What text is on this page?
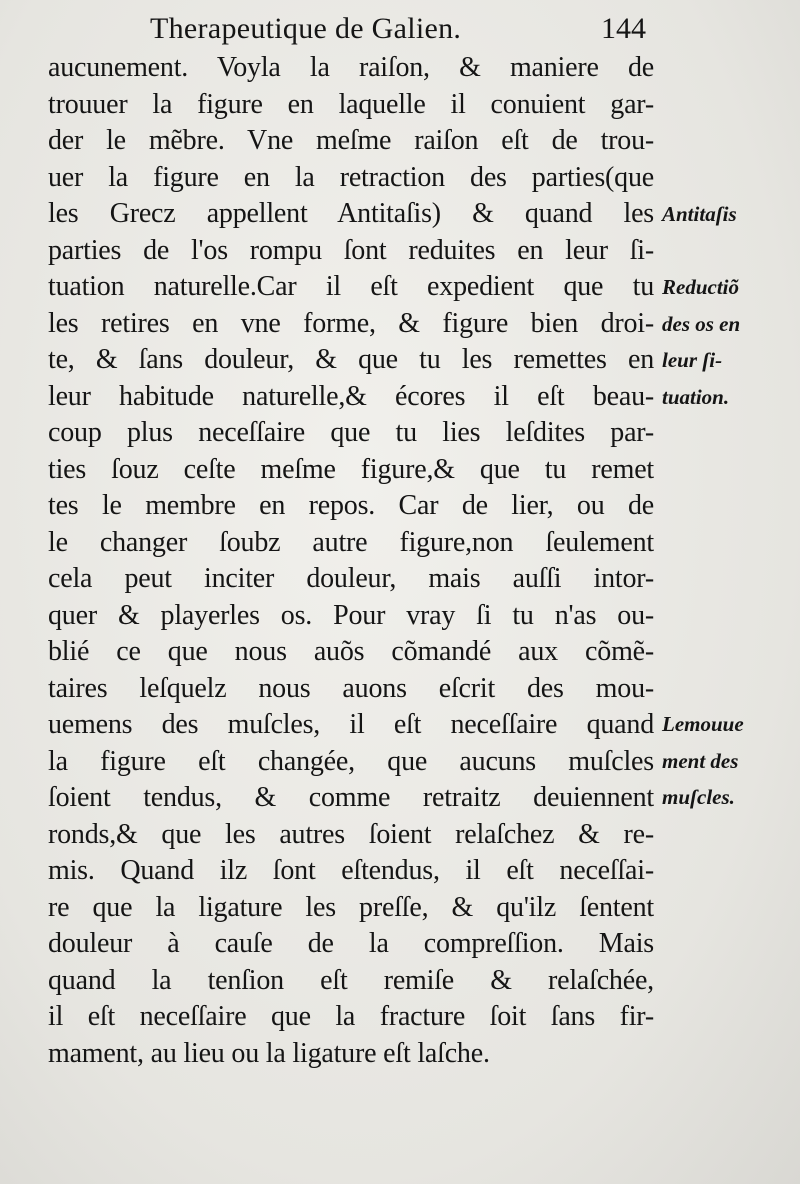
Therapeutique de Galien.	144
aucunement. Voyla la raiſon, & maniere de
trouuer la figure en laquelle il conuient gar-
der le mẽbre. Vne meſme raiſon eſt de trou-
uer la figure en la retraction des parties(que
les Grecz appellent Antitaſis) & quand les
parties de l'os rompu ſont reduites en leur ſi-
tuation naturelle.Car il eſt expedient que tu
les retires en vne forme, & figure bien droi-
te, & ſans douleur, & que tu les remettes en
leur habitude naturelle,& écores il eſt beau-
coup plus neceſſaire que tu lies leſdites par-
ties ſouz ceſte meſme figure,& que tu remet
tes le membre en repos. Car de lier, ou de
le changer ſoubz autre figure,non ſeulement
cela peut inciter douleur, mais auſſi intor-
quer & playerles os. Pour vray ſi tu n'as ou-
blié ce que nous auõs cõmandé aux cõmẽ-
taires leſquelz nous auons eſcrit des mou-
uemens des muſcles, il eſt neceſſaire quand
la figure eſt changée, que aucuns muſcles
ſoient tendus, & comme retraitz deuiennent
ronds,& que les autres ſoient relaſchez & re-
mis. Quand ilz ſont eſtendus, il eſt neceſſai-
re que la ligature les preſſe, & qu'ilz ſentent
douleur à cauſe de la compreſſion. Mais
quand la tenſion eſt remiſe & relaſchée,
il eſt neceſſaire que la fracture ſoit ſans fir-
mament, au lieu ou la ligature eſt laſche.
Antitaſis
Reductiõ
des os en
leur ſi-
tuation.
Lemouue
ment des
muſcles.
